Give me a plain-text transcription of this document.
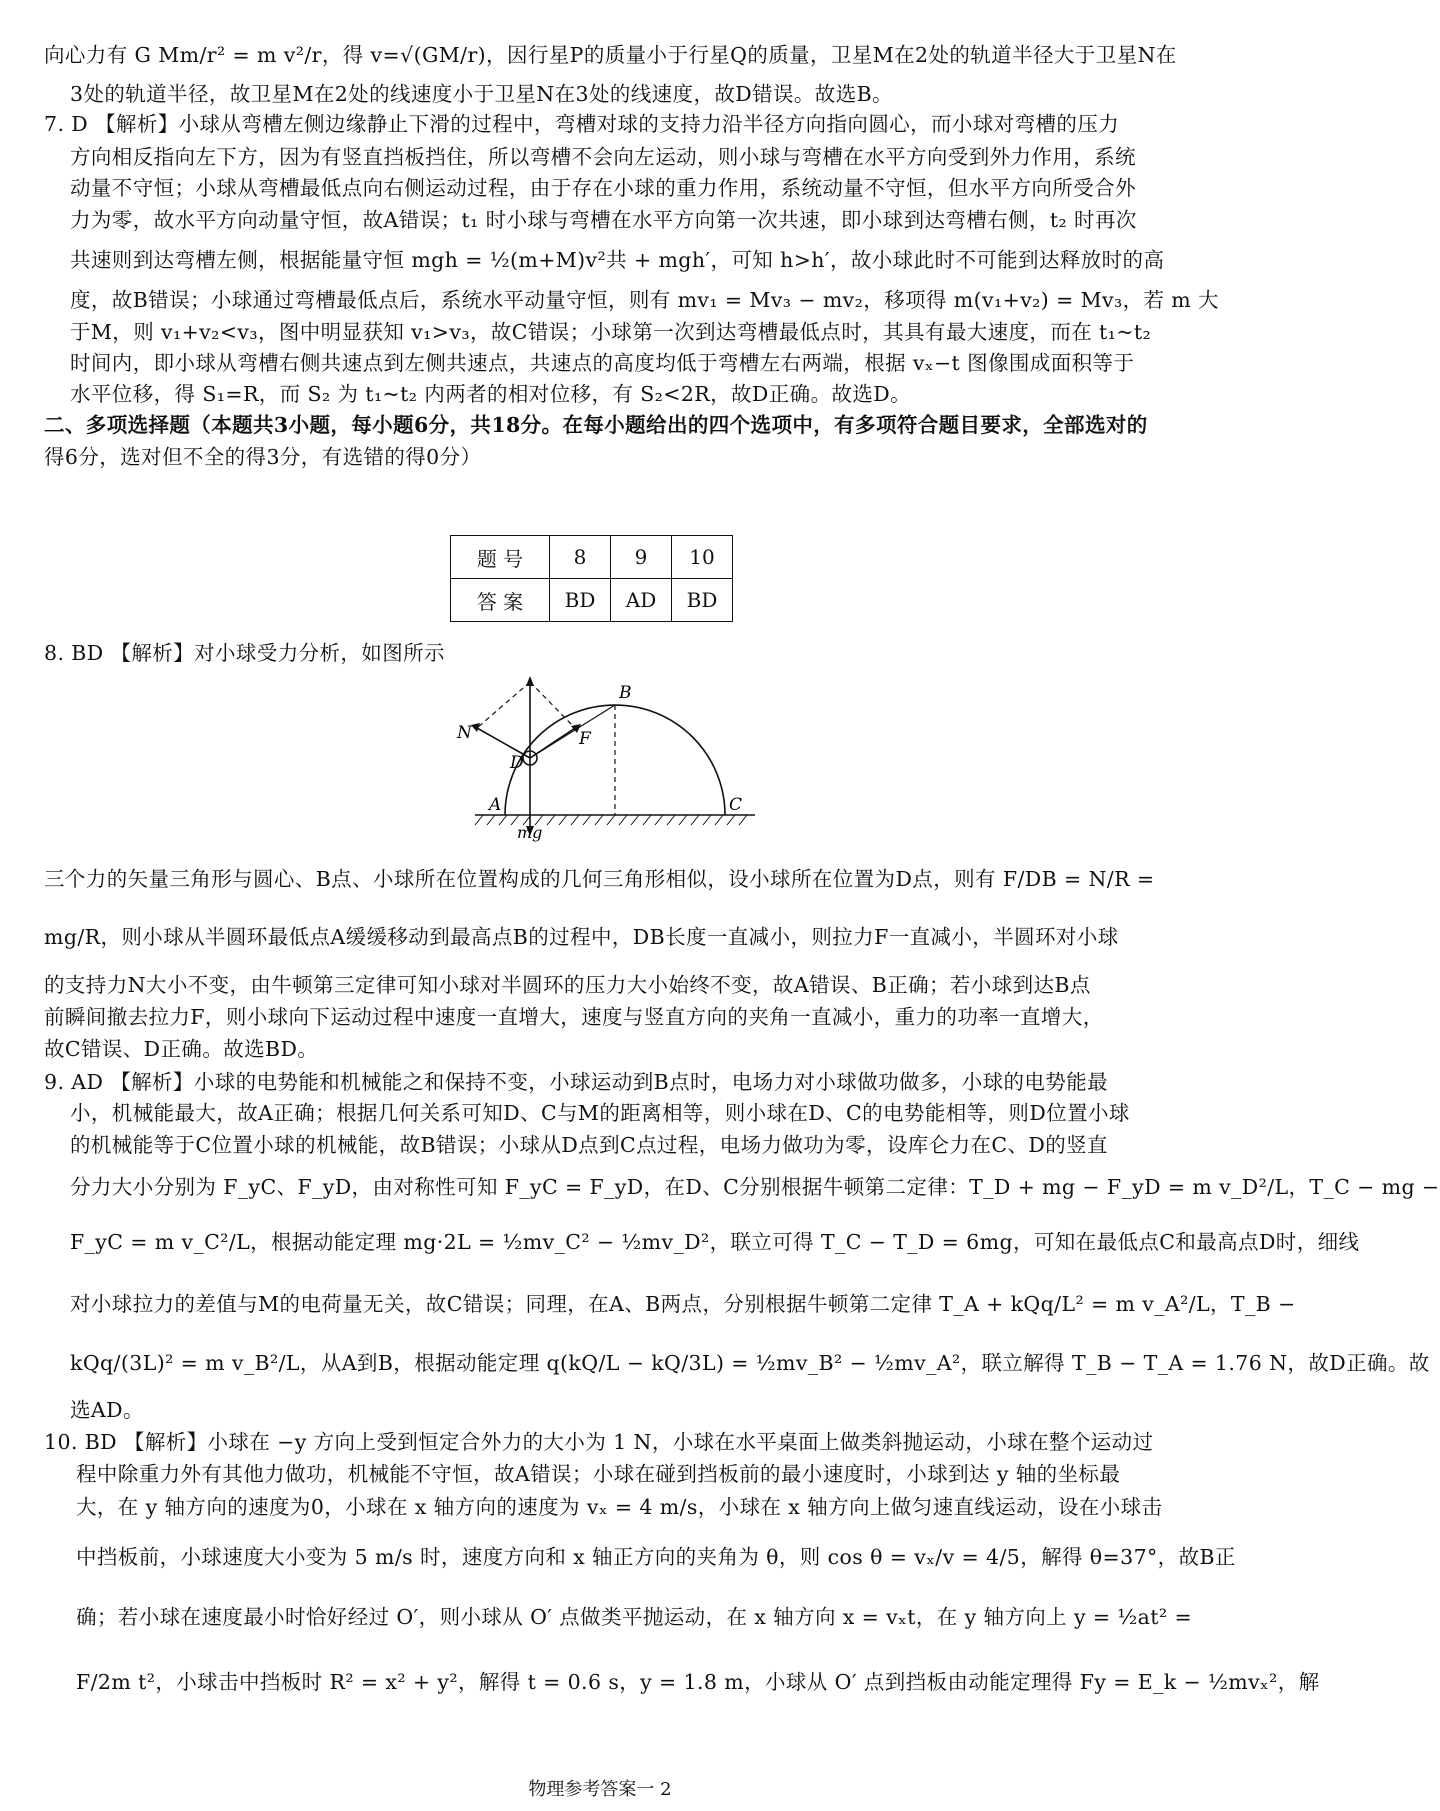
向心力有 G Mm/r² = m v²/r，得 v=√(GM/r)，因行星P的质量小于行星Q的质量，卫星M在2处的轨道半径大于卫星N在
3处的轨道半径，故卫星M在2处的线速度小于卫星N在3处的线速度，故D错误。故选B。
7. D 【解析】小球从弯槽左侧边缘静止下滑的过程中，弯槽对球的支持力沿半径方向指向圆心，而小球对弯槽的压力
方向相反指向左下方，因为有竖直挡板挡住，所以弯槽不会向左运动，则小球与弯槽在水平方向受到外力作用，系统
动量不守恒；小球从弯槽最低点向右侧运动过程，由于存在小球的重力作用，系统动量不守恒，但水平方向所受合外
力为零，故水平方向动量守恒，故A错误；t₁ 时小球与弯槽在水平方向第一次共速，即小球到达弯槽右侧，t₂ 时再次
共速则到达弯槽左侧，根据能量守恒 mgh = ½(m+M)v²共 + mgh′，可知 h>h′，故小球此时不可能到达释放时的高
度，故B错误；小球通过弯槽最低点后，系统水平动量守恒，则有 mv₁ = Mv₃ − mv₂，移项得 m(v₁+v₂) = Mv₃，若 m 大
于M，则 v₁+v₂<v₃，图中明显获知 v₁>v₃，故C错误；小球第一次到达弯槽最低点时，其具有最大速度，而在 t₁~t₂
时间内，即小球从弯槽右侧共速点到左侧共速点，共速点的高度均低于弯槽左右两端，根据 vₓ−t 图像围成面积等于
水平位移，得 S₁=R，而 S₂ 为 t₁~t₂ 内两者的相对位移，有 S₂<2R，故D正确。故选D。
二、多项选择题（本题共3小题，每小题6分，共18分。在每小题给出的四个选项中，有多项符合题目要求，全部选对的
得6分，选对但不全的得3分，有选错的得0分）
题 号	8	9	10
答 案	BD	AD	BD
8. BD 【解析】对小球受力分析，如图所示
B
N	F
D
A	C
mg
三个力的矢量三角形与圆心、B点、小球所在位置构成的几何三角形相似，设小球所在位置为D点，则有 F/DB = N/R =
mg/R，则小球从半圆环最低点A缓缓移动到最高点B的过程中，DB长度一直减小，则拉力F一直减小，半圆环对小球
的支持力N大小不变，由牛顿第三定律可知小球对半圆环的压力大小始终不变，故A错误、B正确；若小球到达B点
前瞬间撤去拉力F，则小球向下运动过程中速度一直增大，速度与竖直方向的夹角一直减小，重力的功率一直增大，
故C错误、D正确。故选BD。
9. AD 【解析】小球的电势能和机械能之和保持不变，小球运动到B点时，电场力对小球做功做多，小球的电势能最
小，机械能最大，故A正确；根据几何关系可知D、C与M的距离相等，则小球在D、C的电势能相等，则D位置小球
的机械能等于C位置小球的机械能，故B错误；小球从D点到C点过程，电场力做功为零，设库仑力在C、D的竖直
分力大小分别为 F_yC、F_yD，由对称性可知 F_yC = F_yD，在D、C分别根据牛顿第二定律：T_D + mg − F_yD = m v_D²/L，T_C − mg −
F_yC = m v_C²/L，根据动能定理 mg·2L = ½mv_C² − ½mv_D²，联立可得 T_C − T_D = 6mg，可知在最低点C和最高点D时，细线
对小球拉力的差值与M的电荷量无关，故C错误；同理，在A、B两点，分别根据牛顿第二定律 T_A + kQq/L² = m v_A²/L，T_B −
kQq/(3L)² = m v_B²/L，从A到B，根据动能定理 q(kQ/L − kQ/3L) = ½mv_B² − ½mv_A²，联立解得 T_B − T_A = 1.76 N，故D正确。故
选AD。
10. BD 【解析】小球在 −y 方向上受到恒定合外力的大小为 1 N，小球在水平桌面上做类斜抛运动，小球在整个运动过
程中除重力外有其他力做功，机械能不守恒，故A错误；小球在碰到挡板前的最小速度时，小球到达 y 轴的坐标最
大，在 y 轴方向的速度为0，小球在 x 轴方向的速度为 vₓ = 4 m/s，小球在 x 轴方向上做匀速直线运动，设在小球击
中挡板前，小球速度大小变为 5 m/s 时，速度方向和 x 轴正方向的夹角为 θ，则 cos θ = vₓ/v = 4/5，解得 θ=37°，故B正
确；若小球在速度最小时恰好经过 O′，则小球从 O′ 点做类平抛运动，在 x 轴方向 x = vₓt，在 y 轴方向上 y = ½at² =
F/2m t²，小球击中挡板时 R² = x² + y²，解得 t = 0.6 s，y = 1.8 m，小球从 O′ 点到挡板由动能定理得 Fy = E_k − ½mvₓ²，解
物理参考答案一 2
